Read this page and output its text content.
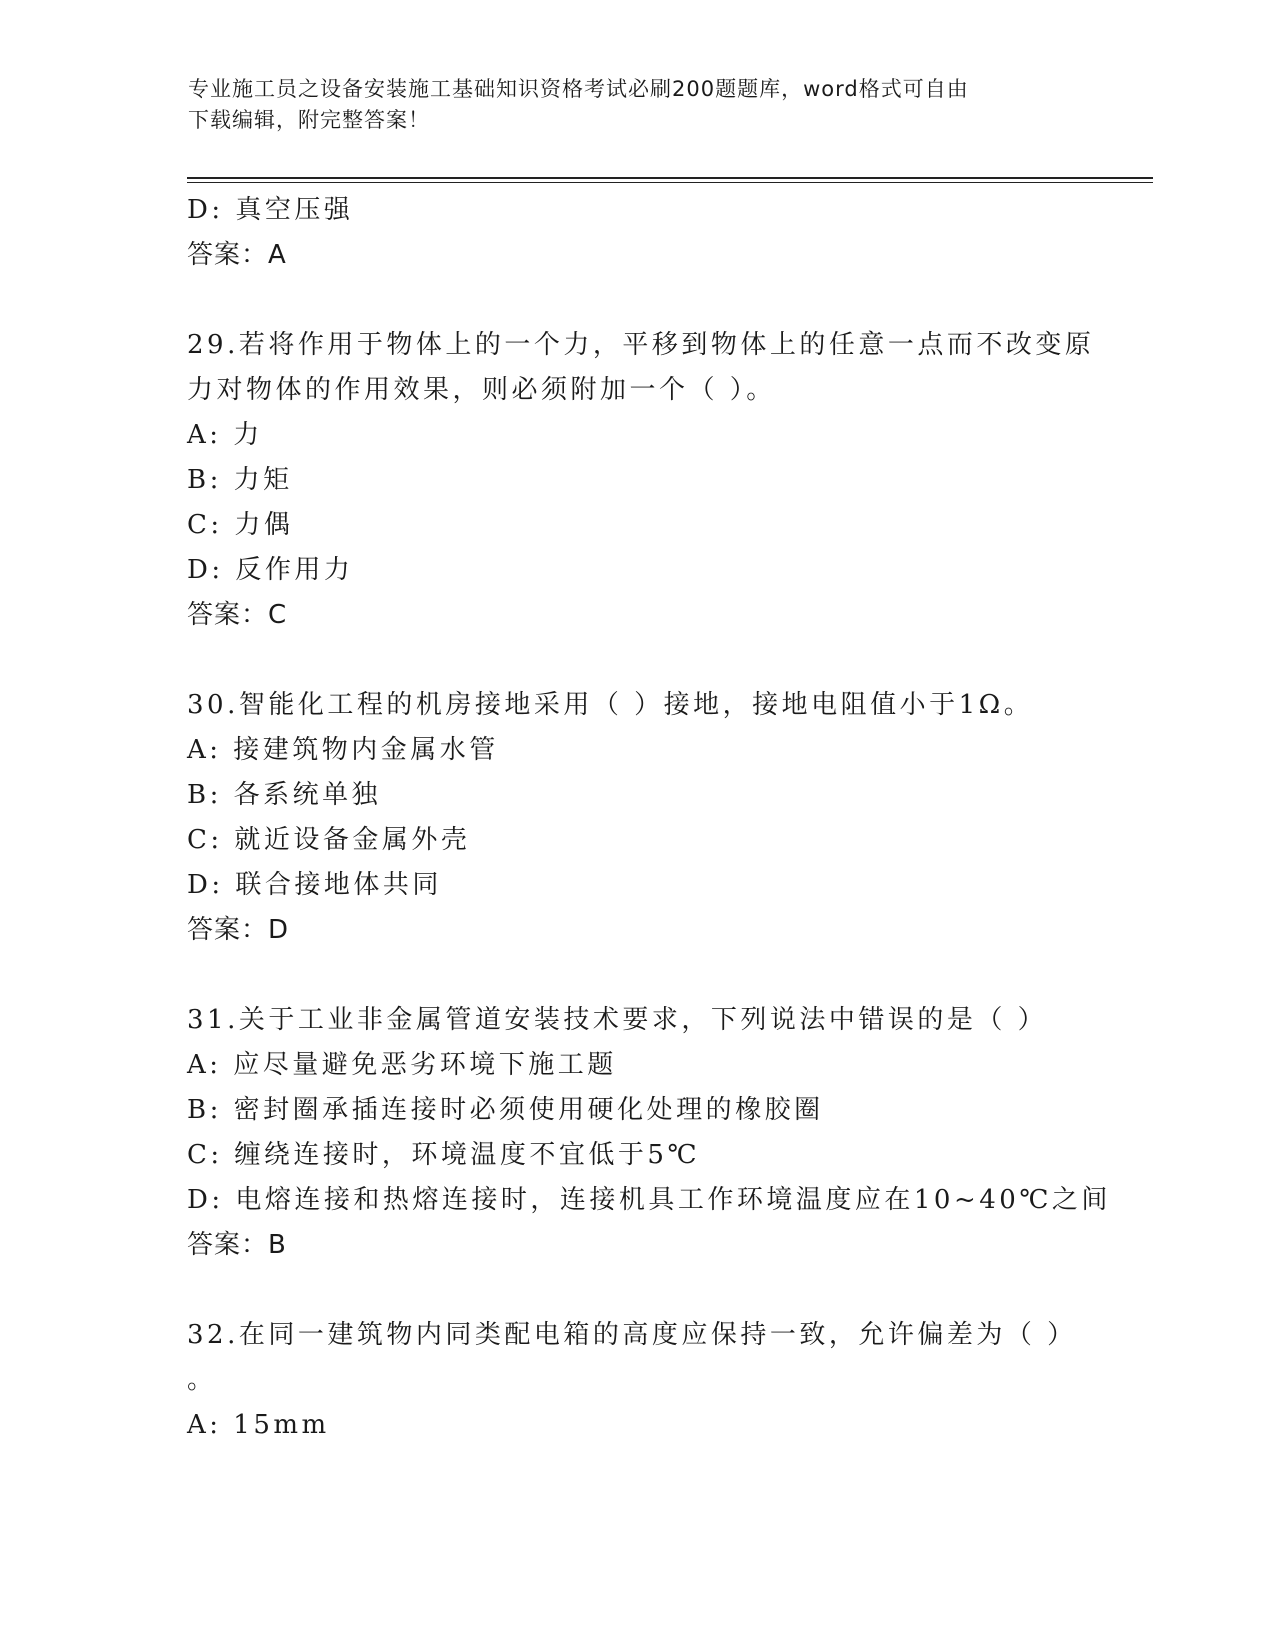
专业施工员之设备安装施工基础知识资格考试必刷200题题库，word格式可自由
下载编辑，附完整答案！
D: 真空压强
答案：A
29.若将作用于物体上的一个力，平移到物体上的任意一点而不改变原
力对物体的作用效果，则必须附加一个（ ）。
A: 力
B: 力矩
C: 力偶
D: 反作用力
答案：C
30.智能化工程的机房接地采用（ ）接地，接地电阻值小于1Ω。
A: 接建筑物内金属水管
B: 各系统单独
C: 就近设备金属外壳
D: 联合接地体共同
答案：D
31.关于工业非金属管道安装技术要求，下列说法中错误的是（ ）
A: 应尽量避免恶劣环境下施工题
B: 密封圈承插连接时必须使用硬化处理的橡胶圈
C: 缠绕连接时，环境温度不宜低于5℃
D: 电熔连接和热熔连接时，连接机具工作环境温度应在10~40℃之间
答案：B
32.在同一建筑物内同类配电箱的高度应保持一致，允许偏差为（ ）
。
A: 15mm
